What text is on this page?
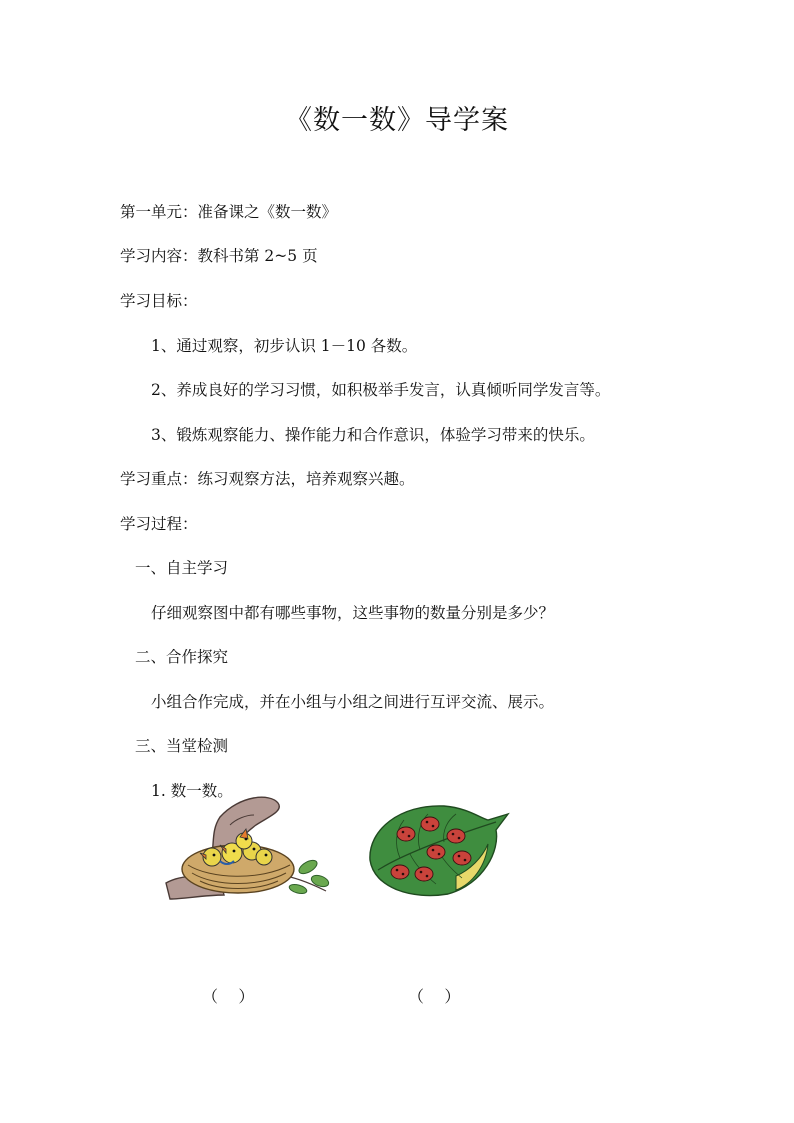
《数一数》导学案
第一单元：准备课之《数一数》
学习内容：教科书第 2~5 页
学习目标：
1、通过观察，初步认识 1－10 各数。
2、养成良好的学习习惯，如积极举手发言，认真倾听同学发言等。
3、锻炼观察能力、操作能力和合作意识，体验学习带来的快乐。
学习重点：练习观察方法，培养观察兴趣。
学习过程：
一、自主学习
仔细观察图中都有哪些事物，这些事物的数量分别是多少？
二、合作探究
小组合作完成，并在小组与小组之间进行互评交流、展示。
三、当堂检测
1. 数一数。
（    ）	（    ）
